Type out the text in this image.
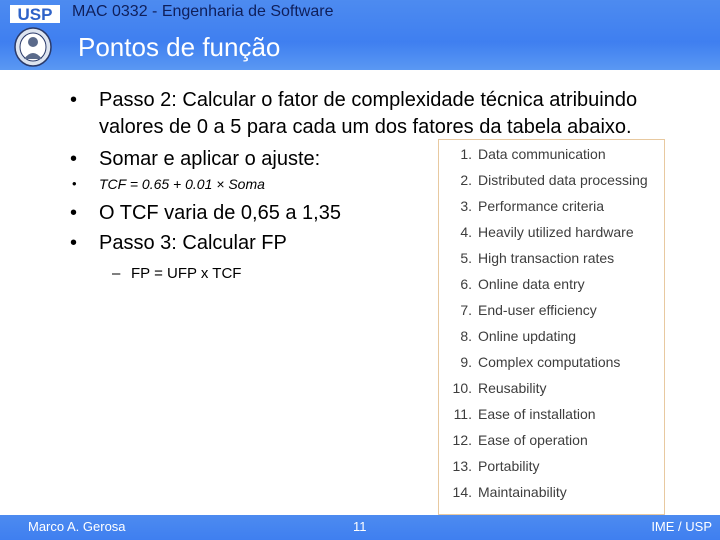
USP MAC 0332 - Engenharia de Software
Pontos de função
• Passo 2: Calcular o fator de complexidade técnica atribuindo
valores de 0 a 5 para cada um dos fatores da tabela abaixo.
• Somar e aplicar o ajuste:
• TCF = 0.65 + 0.01 × Soma
• O TCF varia de 0,65 a 1,35
• Passo 3: Calcular FP
– FP = UFP x TCF
1. Data communication
2. Distributed data processing
3. Performance criteria
4. Heavily utilized hardware
5. High transaction rates
6. Online data entry
7. End-user efficiency
8. Online updating
9. Complex computations
10. Reusability
11. Ease of installation
12. Ease of operation
13. Portability
14. Maintainability
Marco A. Gerosa	11	IME / USP
